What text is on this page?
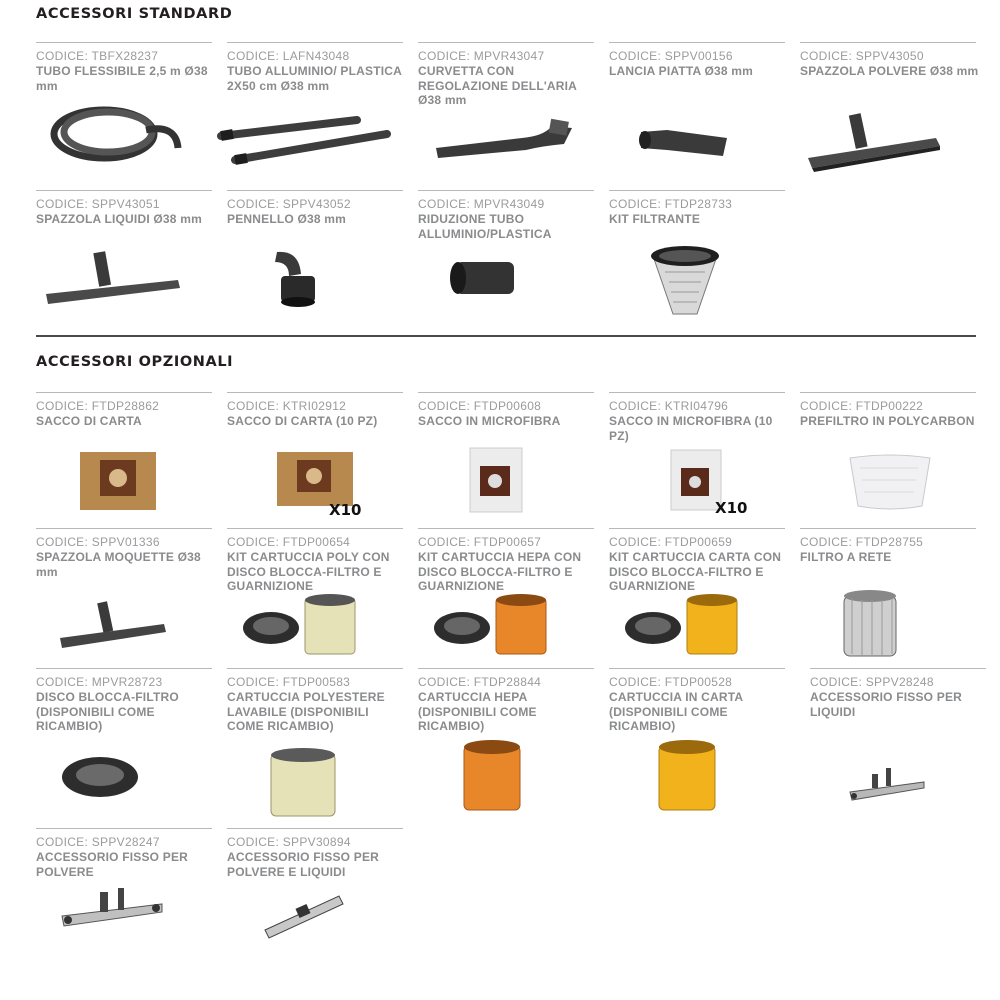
ACCESSORI STANDARD
ACCESSORI OPZIONALI
CODICE: TBFX28237
TUBO FLESSIBILE 2,5 m Ø38 mm
CODICE: LAFN43048
TUBO ALLUMINIO/ PLASTICA 2X50 cm Ø38 mm
CODICE: MPVR43047
CURVETTA CON REGOLAZIONE DELL'ARIA Ø38 mm
CODICE: SPPV00156
LANCIA PIATTA Ø38 mm
CODICE: SPPV43050
SPAZZOLA POLVERE Ø38 mm
CODICE: SPPV43051
SPAZZOLA LIQUIDI Ø38 mm
CODICE: SPPV43052
PENNELLO Ø38 mm
CODICE: MPVR43049
RIDUZIONE TUBO ALLUMINIO/PLASTICA
CODICE: FTDP28733
KIT FILTRANTE
CODICE: FTDP28862
SACCO DI CARTA
CODICE: KTRI02912
SACCO DI CARTA (10 PZ)
X10
CODICE: FTDP00608
SACCO IN MICROFIBRA
CODICE: KTRI04796
SACCO IN MICROFIBRA (10 PZ)
X10
CODICE: FTDP00222
PREFILTRO IN POLYCARBON
CODICE: SPPV01336
SPAZZOLA MOQUETTE Ø38 mm
CODICE: FTDP00654
KIT CARTUCCIA POLY CON DISCO BLOCCA-FILTRO E GUARNIZIONE
CODICE: FTDP00657
KIT CARTUCCIA HEPA CON DISCO BLOCCA-FILTRO E GUARNIZIONE
CODICE: FTDP00659
KIT CARTUCCIA CARTA CON DISCO BLOCCA-FILTRO E GUARNIZIONE
CODICE: FTDP28755
FILTRO A RETE
CODICE: MPVR28723
DISCO BLOCCA-FILTRO (DISPONIBILI COME RICAMBIO)
CODICE: FTDP00583
CARTUCCIA POLYESTERE LAVABILE (DISPONIBILI COME RICAMBIO)
CODICE: FTDP28844
CARTUCCIA HEPA (DISPONIBILI COME RICAMBIO)
CODICE: FTDP00528
CARTUCCIA IN CARTA (DISPONIBILI COME RICAMBIO)
CODICE: SPPV28248
ACCESSORIO FISSO PER LIQUIDI
CODICE: SPPV28247
ACCESSORIO FISSO PER POLVERE
CODICE: SPPV30894
ACCESSORIO FISSO PER POLVERE E LIQUIDI
